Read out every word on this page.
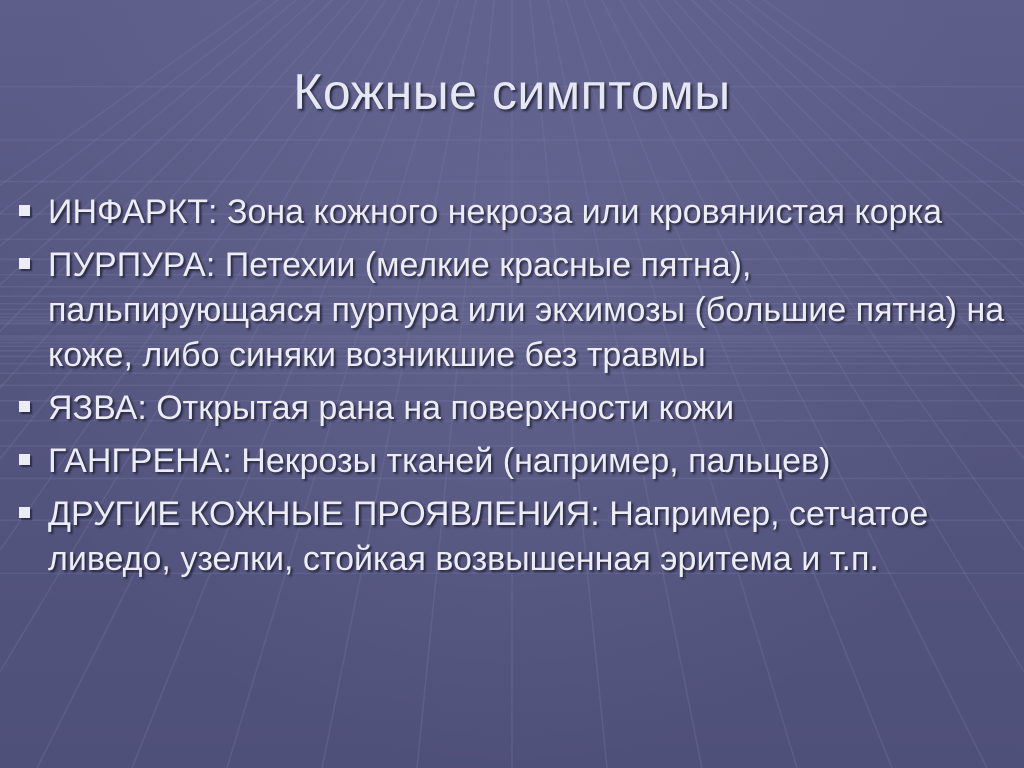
Кожные симптомы
ИНФАРКТ: Зона кожного некроза или кровянистая корка
ПУРПУРА: Петехии (мелкие красные пятна), пальпирующаяся пурпура или экхимозы (большие пятна) на коже, либо синяки возникшие без травмы
ЯЗВА: Открытая рана на поверхности кожи
ГАНГРЕНА: Некрозы тканей (например, пальцев)
ДРУГИЕ КОЖНЫЕ ПРОЯВЛЕНИЯ: Например, сетчатое ливедо, узелки, стойкая возвышенная эритема и т.п.
